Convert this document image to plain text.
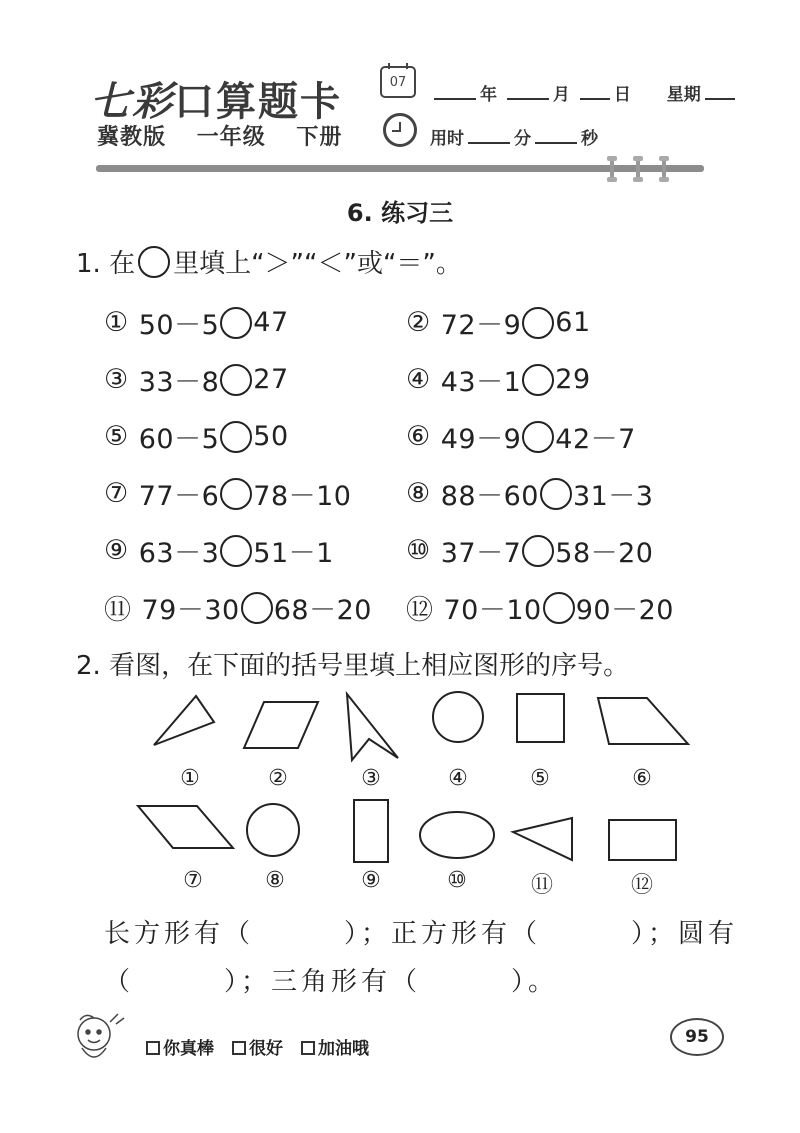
七彩口算题卡
冀教版 一年级 下册
07
年	月	日 星期
用时	分	秒
6. 练习三
1. 在 里填上“＞”“＜”或“＝”。
① 50－5 47	② 72－9 61
③ 33－8 27	④ 43－1 29
⑤ 60－5 50	⑥ 49－9 42－7
⑦ 77－6 78－10 ⑧ 88－60 31－3
⑨ 63－3 51－1	⑩ 37－7 58－20
⑪ 79－30 68－20 ⑫ 70－10 90－20
2. 看图，在下面的括号里填上相应图形的序号。
①	②	③	④	⑤	⑥
⑦	⑧	⑨	⑩	⑪	⑫
长方形有（　　　）；正方形有（　　　）；圆有
（　　　）；三角形有（　　　）。
你真棒	很好	加油哦
95
